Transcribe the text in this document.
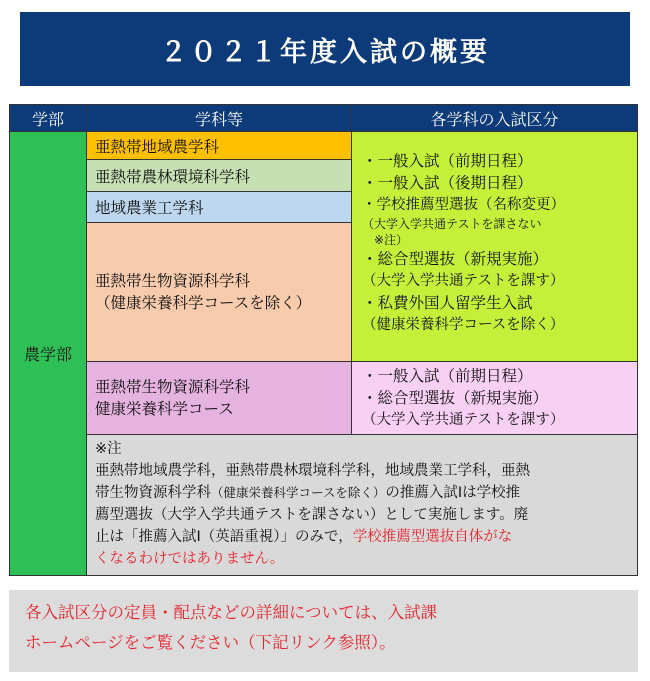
２０２１年度入試の概要
学部	学科等	各学科の入試区分
農学部
亜熱帯地域農学科
亜熱帯農林環境科学科
地域農業工学科
亜熱帯生物資源科学科
（健康栄養科学コースを除く）
亜熱帯生物資源科学科
健康栄養科学コース
・一般入試（前期日程）
・一般入試（後期日程）
・学校推薦型選抜（名称変更）
（大学入学共通テストを課さない
※注）
・総合型選抜（新規実施）
（大学入学共通テストを課す）
・私費外国人留学生入試
（健康栄養科学コースを除く）
・一般入試（前期日程）
・総合型選抜（新規実施）
（大学入学共通テストを課す）
※注
亜熱帯地域農学科，亜熱帯農林環境科学科，地域農業工学科，亜熱
帯生物資源科学科（健康栄養科学コースを除く）の推薦入試Ⅰは学校推
薦型選抜（大学入学共通テストを課さない）として実施します。廃
止は「推薦入試Ⅰ（英語重視）」のみで，学校推薦型選抜自体がな
くなるわけではありません。
各入試区分の定員・配点などの詳細については、入試課
ホームページをご覧ください（下記リンク参照）。
